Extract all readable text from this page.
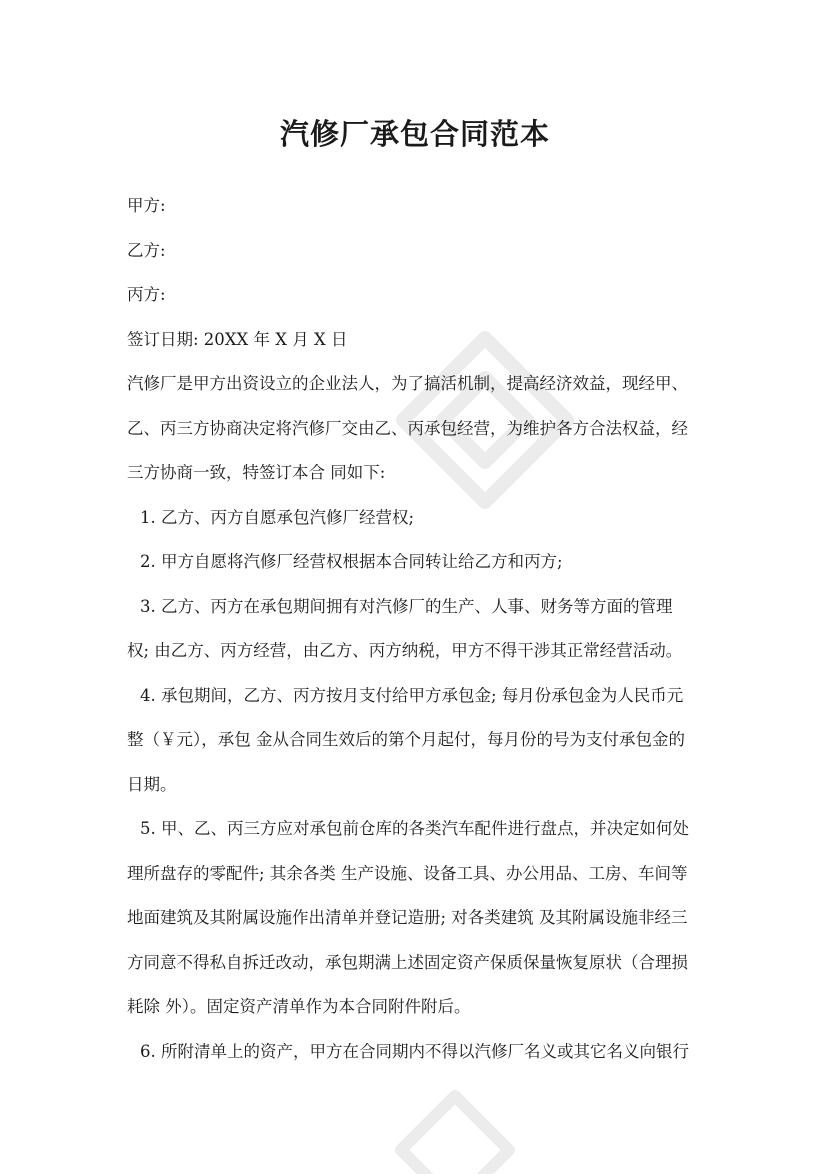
汽修厂承包合同范本

甲方:

乙方:

丙方:

签订日期: 20XX 年 X 月 X 日

汽修厂是甲方出资设立的企业法人，为了搞活机制，提高经济效益，现经甲、
乙、丙三方协商决定将汽修厂交由乙、丙承包经营，为维护各方合法权益，经
三方协商一致，特签订本合 同如下:
1. 乙方、丙方自愿承包汽修厂经营权;
2. 甲方自愿将汽修厂经营权根据本合同转让给乙方和丙方;
3. 乙方、丙方在承包期间拥有对汽修厂的生产、人事、财务等方面的管理
权; 由乙方、丙方经营，由乙方、丙方纳税，甲方不得干涉其正常经营活动。
4. 承包期间，乙方、丙方按月支付给甲方承包金; 每月份承包金为人民币元
整（￥元），承包 金从合同生效后的第个月起付，每月份的号为支付承包金的
日期。
5. 甲、乙、丙三方应对承包前仓库的各类汽车配件进行盘点，并决定如何处
理所盘存的零配件; 其余各类 生产设施、设备工具、办公用品、工房、车间等
地面建筑及其附属设施作出清单并登记造册; 对各类建筑 及其附属设施非经三
方同意不得私自拆迁改动，承包期满上述固定资产保质保量恢复原状（合理损
耗除 外）。固定资产清单作为本合同附件附后。
6. 所附清单上的资产，甲方在合同期内不得以汽修厂名义或其它名义向银行
